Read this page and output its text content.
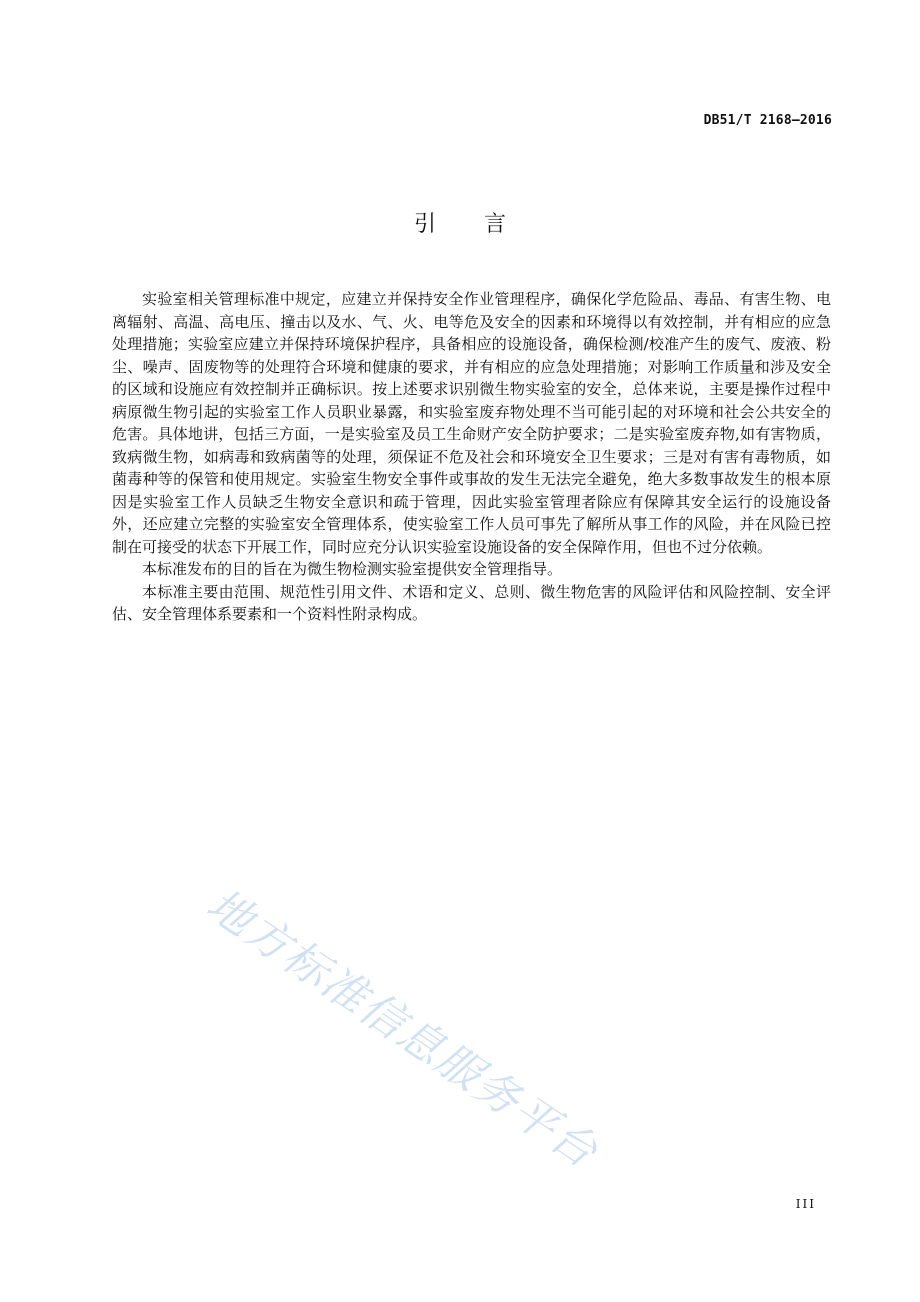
DB51/T 2168—2016
引言

实验室相关管理标准中规定，应建立并保持安全作业管理程序，确保化学危险品、毒品、有害生物、电离辐射、高温、高电压、撞击以及水、气、火、电等危及安全的因素和环境得以有效控制，并有相应的应急处理措施；实验室应建立并保持环境保护程序，具备相应的设施设备，确保检测/校准产生的废气、废液、粉尘、噪声、固废物等的处理符合环境和健康的要求，并有相应的应急处理措施；对影响工作质量和涉及安全的区域和设施应有效控制并正确标识。按上述要求识别微生物实验室的安全，总体来说，主要是操作过程中病原微生物引起的实验室工作人员职业暴露，和实验室废弃物处理不当可能引起的对环境和社会公共安全的危害。具体地讲，包括三方面，一是实验室及员工生命财产安全防护要求；二是实验室废弃物,如有害物质，致病微生物，如病毒和致病菌等的处理，须保证不危及社会和环境安全卫生要求；三是对有害有毒物质，如菌毒种等的保管和使用规定。实验室生物安全事件或事故的发生无法完全避免，绝大多数事故发生的根本原因是实验室工作人员缺乏生物安全意识和疏于管理，因此实验室管理者除应有保障其安全运行的设施设备外，还应建立完整的实验室安全管理体系，使实验室工作人员可事先了解所从事工作的风险，并在风险已控制在可接受的状态下开展工作，同时应充分认识实验室设施设备的安全保障作用，但也不过分依赖。

本标准发布的目的旨在为微生物检测实验室提供安全管理指导。

本标准主要由范围、规范性引用文件、术语和定义、总则、微生物危害的风险评估和风险控制、安全评估、安全管理体系要素和一个资料性附录构成。

地方标准信息服务平台
III
